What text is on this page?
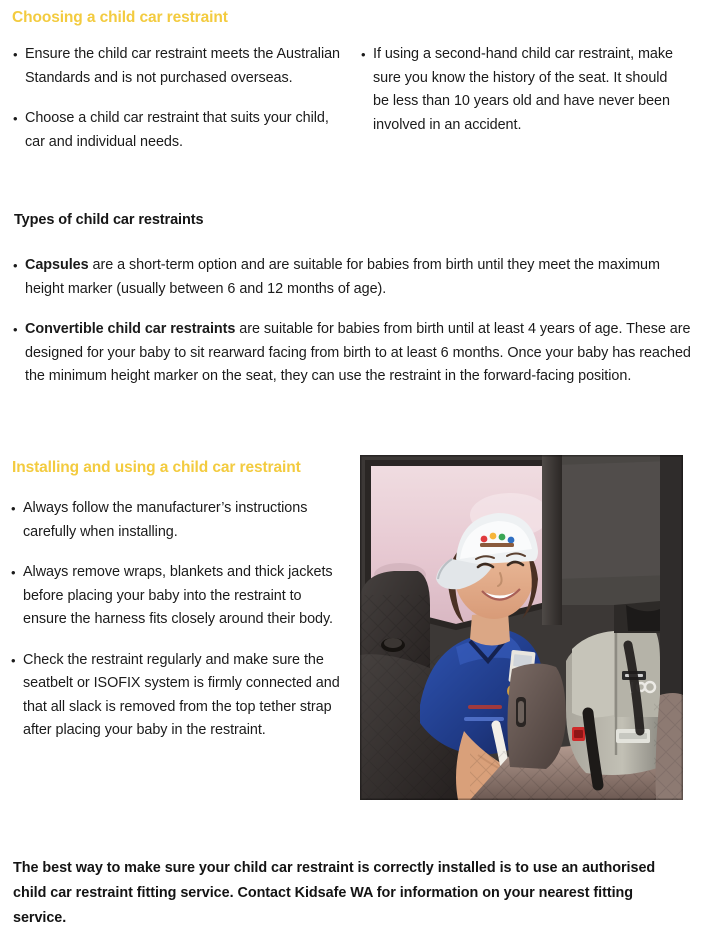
Choosing a child car restraint
• Ensure the child car restraint meets the Australian Standards and is not purchased overseas.
• Choose a child car restraint that suits your child, car and individual needs.
• If using a second-hand child car restraint, make sure you know the history of the seat. It should be less than 10 years old and have never been involved in an accident.
Types of child car restraints
• Capsules are a short-term option and are suitable for babies from birth until they meet the maximum height marker (usually between 6 and 12 months of age).
• Convertible child car restraints are suitable for babies from birth until at least 4 years of age. These are designed for your baby to sit rearward facing from birth to at least 6 months. Once your baby has reached the minimum height marker on the seat, they can use the restraint in the forward-facing position.
Installing and using a child car restraint
• Always follow the manufacturer’s instructions carefully when installing.
• Always remove wraps, blankets and thick jackets before placing your baby into the restraint to ensure the harness fits closely around their body.
• Check the restraint regularly and make sure the seatbelt or ISOFIX system is firmly connected and that all slack is removed from the top tether strap after placing your baby in the restraint.

The best way to make sure your child car restraint is correctly installed is to use an authorised child car restraint fitting service. Contact Kidsafe WA for information on your nearest fitting service.
